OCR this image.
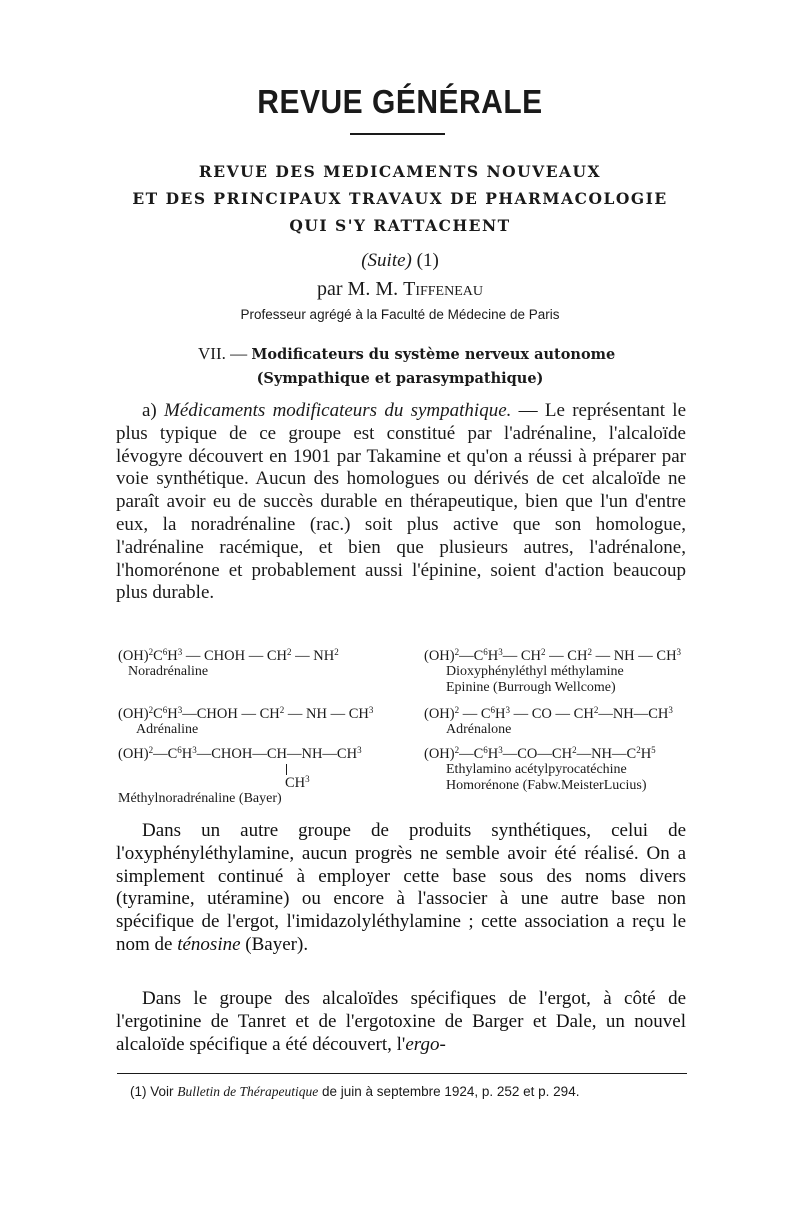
REVUE GÉNÉRALE
REVUE DES MEDICAMENTS NOUVEAUX
ET DES PRINCIPAUX TRAVAUX DE PHARMACOLOGIE
QUI S'Y RATTACHENT
(Suite) (1)
par M. M. Tiffeneau
Professeur agrégé à la Faculté de Médecine de Paris
VII. — Modificateurs du système nerveux autonome
(Sympathique et parasympathique)

a) Médicaments modificateurs du sympathique. — Le représentant le plus typique de ce groupe est constitué par l'adrénaline, l'alcaloïde lévogyre découvert en 1901 par Takamine et qu'on a réussi à préparer par voie synthétique. Aucun des homologues ou dérivés de cet alcaloïde ne paraît avoir eu de succès durable en thérapeutique, bien que l'un d'entre eux, la noradrénaline (rac.) soit plus active que son homologue, l'adrénaline racémique, et bien que plusieurs autres, l'adrénalone, l'homorénone et probablement aussi l'épinine, soient d'action beaucoup plus durable.

$(OH)^2C^6H^3$ — CHOH — $CH^2$ — $NH^2$
Noradrénaline
$(OH)^2—C^6H^3—$ $CH^2$ — $CH^2$ — NH — $CH^3$
Dioxyphényléthyl méthylamine
Epinine (Burrough Wellcome)
$(OH)^2C^6H^3—CHOH$ — $CH^2$ — NH — $CH^3$
Adrénaline
(OH)$^2$ — $C^6H^3$ — CO — $CH^2—NH—CH^3$
Adrénalone
$(OH)^2—C^6H^3—CHOH—CH—NH—CH^3$
$CH^3$
Méthylnoradrénaline (Bayer)
$(OH)^2—C^6H^3—CO—CH^2—NH—C^2H^5$
Ethylamino acétylpyrocatéchine
Homorénone (Fabw.MeisterLucius)

Dans un autre groupe de produits synthétiques, celui de l'oxyphényléthylamine, aucun progrès ne semble avoir été réalisé. On a simplement continué à employer cette base sous des noms divers (tyramine, utéramine) ou encore à l'associer à une autre base non spécifique de l'ergot, l'imidazolyléthylamine ; cette association a reçu le nom de ténosine (Bayer).

Dans le groupe des alcaloïdes spécifiques de l'ergot, à côté de l'ergotinine de Tanret et de l'ergotoxine de Barger et Dale, un nouvel alcaloïde spécifique a été découvert, l'ergo-

(1) Voir Bulletin de Thérapeutique de juin à septembre 1924, p. 252 et p. 294.
